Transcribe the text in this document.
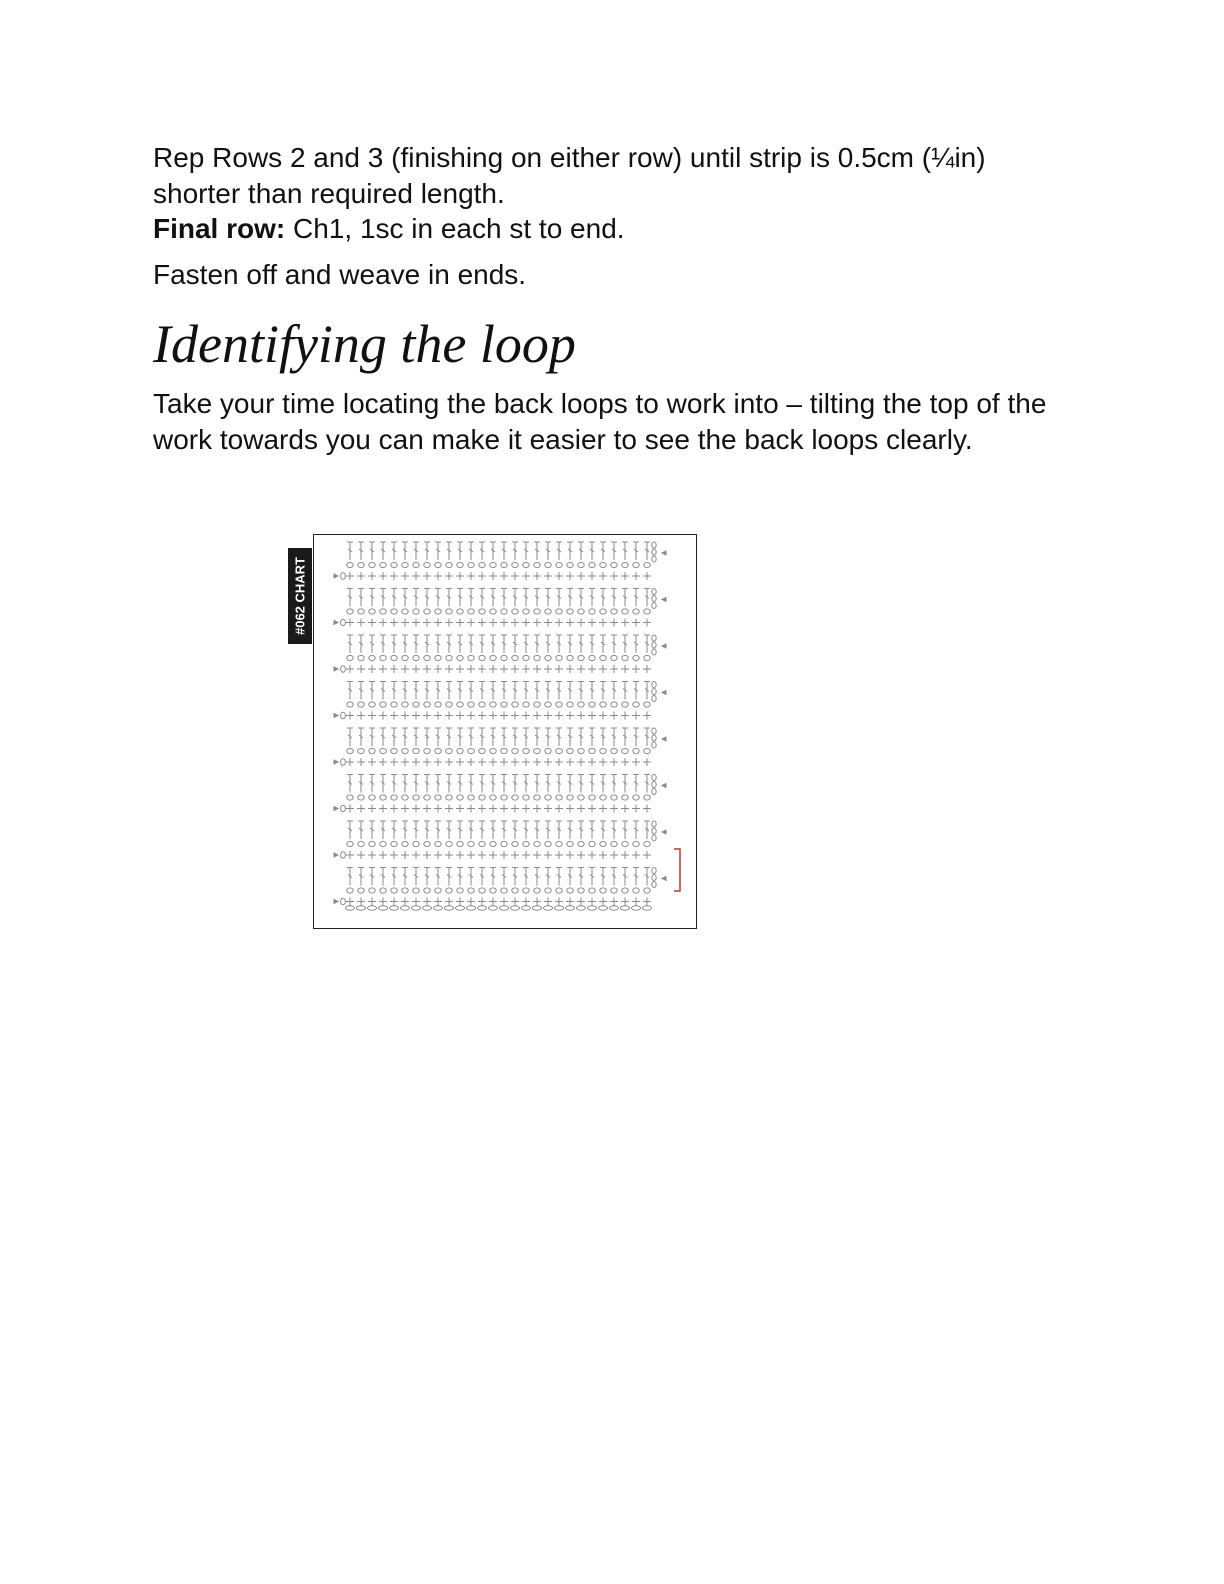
Rep Rows 2 and 3 (finishing on either row) until strip is 0.5cm (¼in) shorter than required length.

Final row: Ch1, 1sc in each st to end.

Fasten off and weave in ends.

Identifying the loop

Take your time locating the back loops to work into – tilting the top of the work towards you can make it easier to see the back loops clearly.

#062 CHART
